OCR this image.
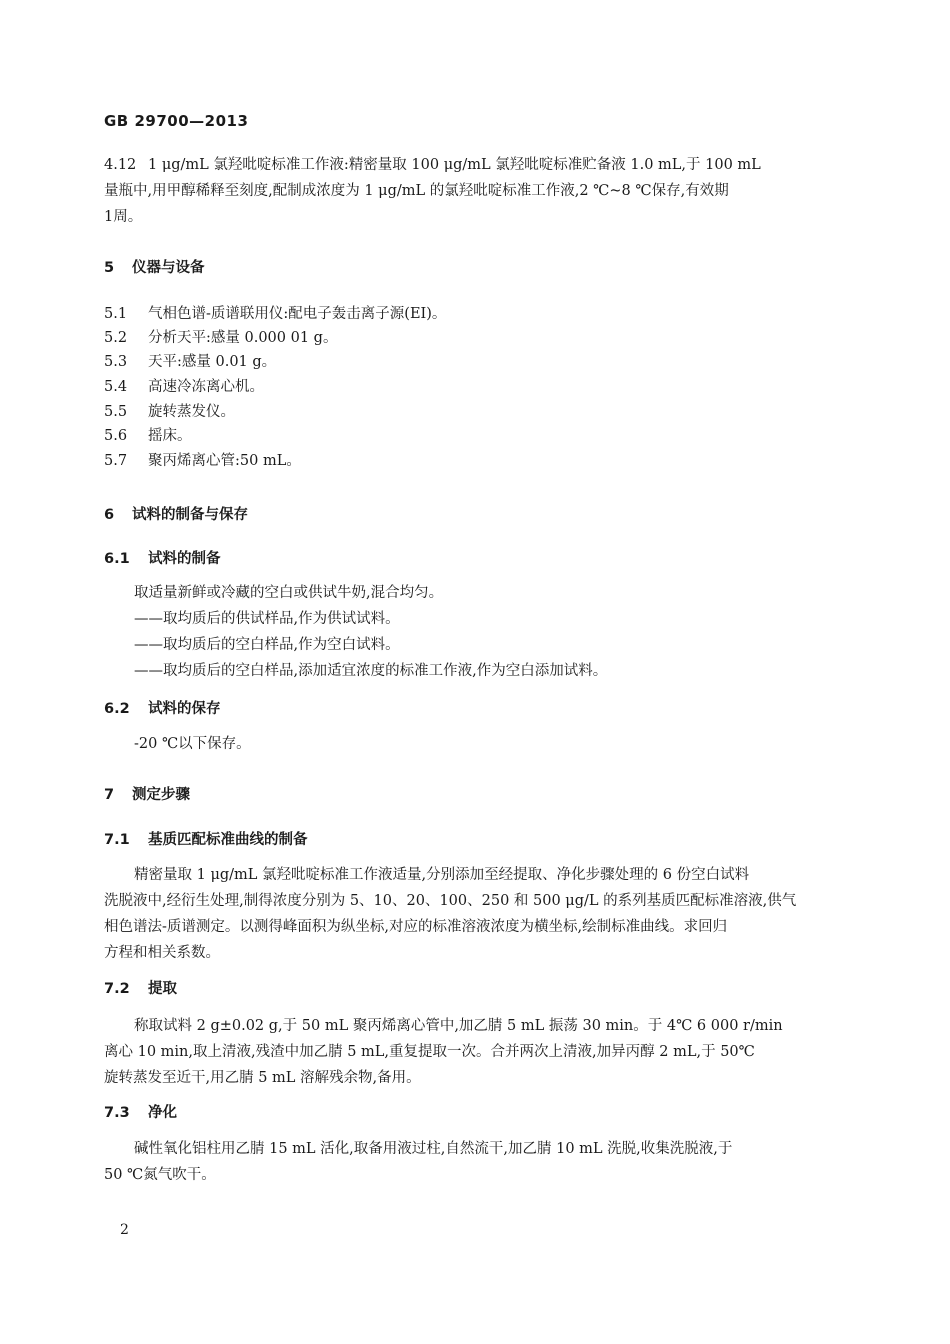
GB 29700—2013
4.12 1 μg/mL 氯羟吡啶标准工作液:精密量取 100 μg/mL 氯羟吡啶标准贮备液 1.0 mL,于 100 mL
量瓶中,用甲醇稀释至刻度,配制成浓度为 1 μg/mL 的氯羟吡啶标准工作液,2 ℃~8 ℃保存,有效期
1周。
5 仪器与设备
5.1 气相色谱-质谱联用仪:配电子轰击离子源(EI)。
5.2 分析天平:感量 0.000 01 g。
5.3 天平:感量 0.01 g。
5.4 高速冷冻离心机。
5.5 旋转蒸发仪。
5.6 摇床。
5.7 聚丙烯离心管:50 mL。
6 试料的制备与保存
6.1 试料的制备
取适量新鲜或冷藏的空白或供试牛奶,混合均匀。
——取均质后的供试样品,作为供试试料。
——取均质后的空白样品,作为空白试料。
——取均质后的空白样品,添加适宜浓度的标准工作液,作为空白添加试料。
6.2 试料的保存
-20 ℃以下保存。
7 测定步骤
7.1 基质匹配标准曲线的制备
精密量取 1 μg/mL 氯羟吡啶标准工作液适量,分别添加至经提取、净化步骤处理的 6 份空白试料
洗脱液中,经衍生处理,制得浓度分别为 5、10、20、100、250 和 500 μg/L 的系列基质匹配标准溶液,供气
相色谱法-质谱测定。以测得峰面积为纵坐标,对应的标准溶液浓度为横坐标,绘制标准曲线。求回归
方程和相关系数。
7.2 提取
称取试料 2 g±0.02 g,于 50 mL 聚丙烯离心管中,加乙腈 5 mL 振荡 30 min。于 4℃ 6 000 r/min
离心 10 min,取上清液,残渣中加乙腈 5 mL,重复提取一次。合并两次上清液,加异丙醇 2 mL,于 50℃
旋转蒸发至近干,用乙腈 5 mL 溶解残余物,备用。
7.3 净化
碱性氧化铝柱用乙腈 15 mL 活化,取备用液过柱,自然流干,加乙腈 10 mL 洗脱,收集洗脱液,于
50 ℃氮气吹干。
2
